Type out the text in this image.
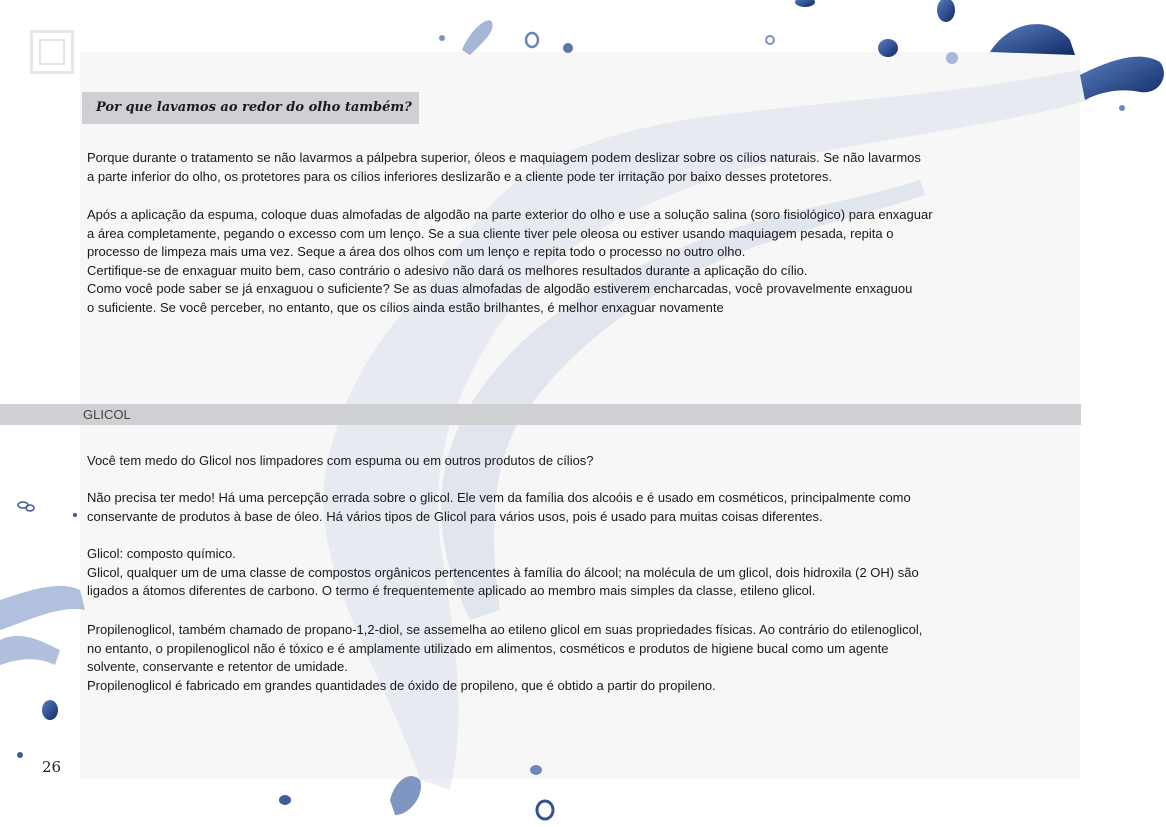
Por que lavamos ao redor do olho também?

Porque durante o tratamento se não lavarmos a pálpebra superior, óleos e maquiagem podem deslizar sobre os cílios naturais. Se não lavarmos

a parte inferior do olho, os protetores para os cílios inferiores deslizarão e a cliente pode ter irritação por baixo desses protetores.

Após a aplicação da espuma, coloque duas almofadas de algodão na parte exterior do olho e use a solução salina (soro fisiológico) para enxaguar

a área completamente, pegando o excesso com um lenço. Se a sua cliente tiver pele oleosa ou estiver usando maquiagem pesada, repita o

processo de limpeza mais uma vez. Seque a área dos olhos com um lenço e repita todo o processo no outro olho.

Certifique-se de enxaguar muito bem, caso contrário o adesivo não dará os melhores resultados durante a aplicação do cílio.

Como você pode saber se já enxaguou o suficiente? Se as duas almofadas de algodão estiverem encharcadas, você provavelmente enxaguou

o suficiente. Se você perceber, no entanto, que os cílios ainda estão brilhantes, é melhor enxaguar novamente

GLICOL

Você tem medo do Glicol nos limpadores com espuma ou em outros produtos de cílios?

Não precisa ter medo! Há uma percepção errada sobre o glicol. Ele vem da família dos alcoóis e é usado em cosméticos, principalmente como

conservante de produtos à base de óleo. Há vários tipos de Glicol para vários usos, pois é usado para muitas coisas diferentes.

Glicol: composto químico.

Glicol, qualquer um de uma classe de compostos orgânicos pertencentes à família do álcool; na molécula de um glicol, dois hidroxila (2 OH) são

ligados a átomos diferentes de carbono. O termo é frequentemente aplicado ao membro mais simples da classe, etileno glicol.

Propilenoglicol, também chamado de propano-1,2-diol, se assemelha ao etileno glicol em suas propriedades físicas. Ao contrário do etilenoglicol,

no entanto, o propilenoglicol não é tóxico e é amplamente utilizado em alimentos, cosméticos e produtos de higiene bucal como um agente

solvente, conservante e retentor de umidade.

Propilenoglicol é fabricado em grandes quantidades de óxido de propileno, que é obtido a partir do propileno.

26
